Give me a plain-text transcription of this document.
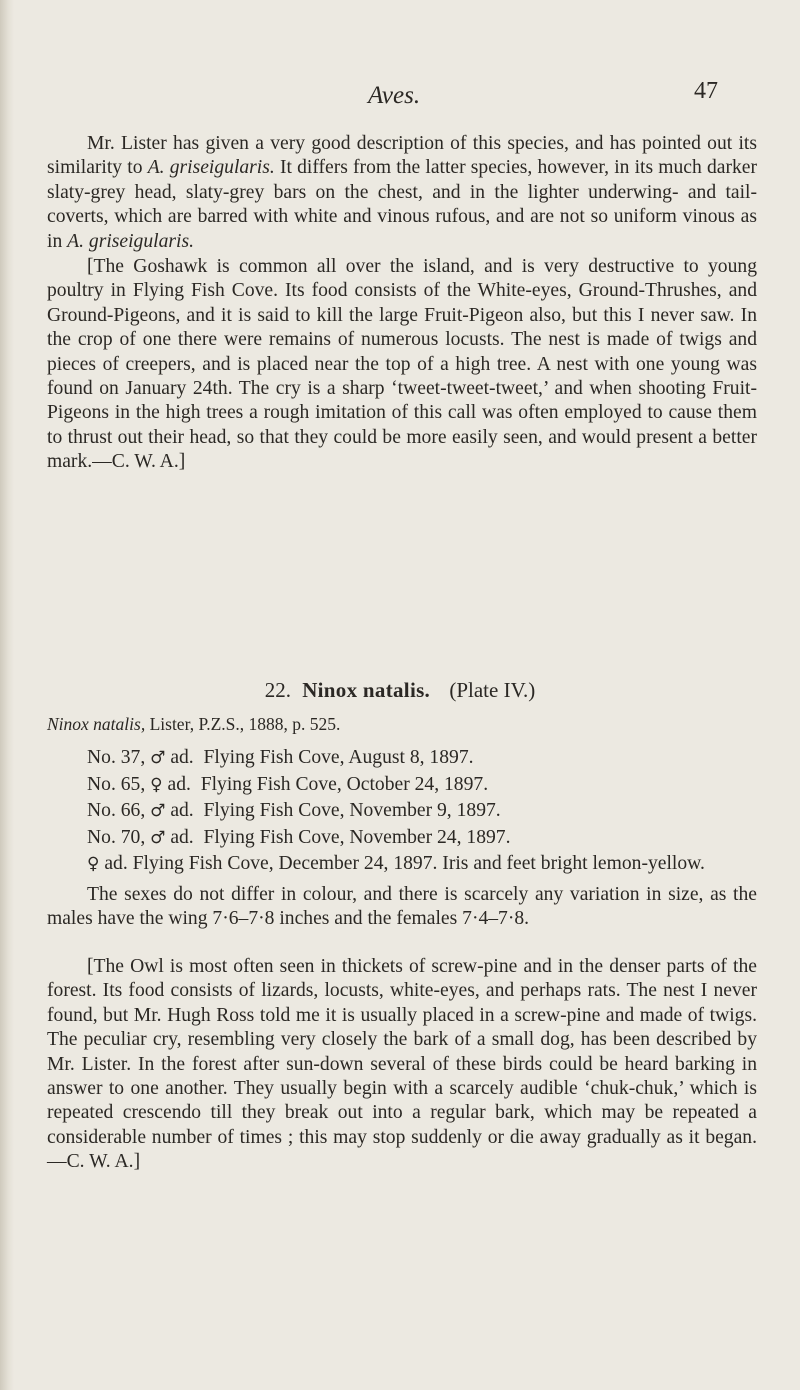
Aves.	47

Mr. Lister has given a very good description of this species, and has pointed out its similarity to A. griseigularis. It differs from the latter species, however, in its much darker slaty-grey head, slaty-grey bars on the chest, and in the lighter underwing- and tail-coverts, which are barred with white and vinous rufous, and are not so uniform vinous as in A. griseigularis.

[The Goshawk is common all over the island, and is very destructive to young poultry in Flying Fish Cove. Its food consists of the White-eyes, Ground-Thrushes, and Ground-Pigeons, and it is said to kill the large Fruit-Pigeon also, but this I never saw. In the crop of one there were remains of numerous locusts. The nest is made of twigs and pieces of creepers, and is placed near the top of a high tree. A nest with one young was found on January 24th. The cry is a sharp ‘tweet-tweet-tweet,’ and when shooting Fruit-Pigeons in the high trees a rough imitation of this call was often employed to cause them to thrust out their head, so that they could be more easily seen, and would present a better mark.—C. W. A.]

22. Ninox natalis. (Plate IV.)
Ninox natalis, Lister, P.Z.S., 1888, p. 525.
No. 37, ♂ ad. Flying Fish Cove, August 8, 1897.
No. 65, ♀ ad. Flying Fish Cove, October 24, 1897.
No. 66, ♂ ad. Flying Fish Cove, November 9, 1897.
No. 70, ♂ ad. Flying Fish Cove, November 24, 1897.

♀ ad. Flying Fish Cove, December 24, 1897. Iris and feet bright lemon-yellow.

The sexes do not differ in colour, and there is scarcely any variation in size, as the males have the wing 7·6–7·8 inches and the females 7·4–7·8.

[The Owl is most often seen in thickets of screw-pine and in the denser parts of the forest. Its food consists of lizards, locusts, white-eyes, and perhaps rats. The nest I never found, but Mr. Hugh Ross told me it is usually placed in a screw-pine and made of twigs. The peculiar cry, resembling very closely the bark of a small dog, has been described by Mr. Lister. In the forest after sun-down several of these birds could be heard barking in answer to one another. They usually begin with a scarcely audible ‘chuk-chuk,’ which is repeated crescendo till they break out into a regular bark, which may be repeated a considerable number of times ; this may stop suddenly or die away gradually as it began.—C. W. A.]
